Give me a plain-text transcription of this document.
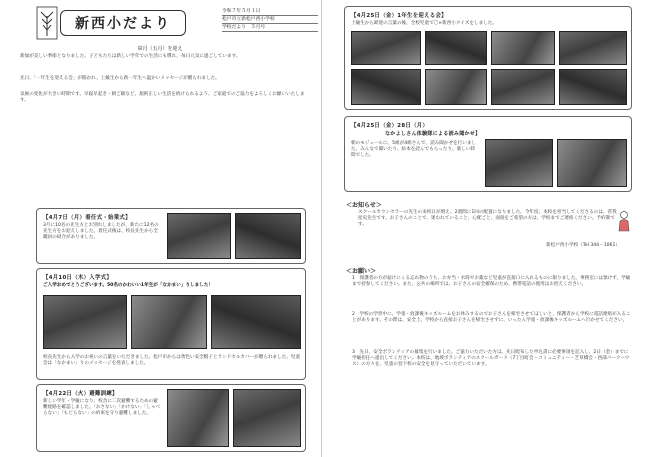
新西小だより
令和７年５月１日
松戸市立新松戸西小学校
学校だより　５月号
皐月（五月）を迎え
新緑が美しい季節となりました。子どもたちは新しい学年での生活にも慣れ、毎日元気に過ごしています。
先日、「一年生を迎える会」が開かれ、上級生から新一年生へ温かいメッセージが贈られました。
気候の変化が大きい時期です。早寝早起き・朝ご飯など、規則正しい生活を続けられるよう、ご家庭でのご協力をよろしくお願いいたします。
【4月7日（月）着任式・始業式】
3月に10名の先生方とお別れしましたが、新たに12名の先生方をお迎えしました。着任式後は、校長先生から全職員の紹介がありました。
【4月10日（木）入学式】
ご入学おめでとうございます。50名のかわいい1年生が「なかまい」りしました！
校長先生から入学のお祝いの言葉をいただきました。松戸市からは黄色い安全帽子とランドセルカバーが贈られました。児童会は「なかまい」りのメッセージを発表しました。
【4月22日（火）避難訓練】
新しい学年・学級になり、校舎に二次避難するための避難経路を確認しました。「おさない」「かけない」「しゃべらない」「もどらない」の約束を守り避難しました。
【4月25日（金）1年生を迎える会】
上級生から歓迎の言葉の後、全校児童で〇×新西小クイズをしました。
【4月25日（金）28日（月）
なかよしさん体験隊による読み聞かせ】
朝のモジュールに、5組が4組さんで、読み聞かせを行いました。みんなで聞いたり、絵本を読んでもらったり、楽しい時間でした。
＜お知らせ＞
スクールカウンセラーの先生の来校日が増え、2週間に1回の配置になりました。今年度、本校を担当してくださるのは、菅我屋史先生です。お子さんのことで、迷われていること、心配ごと、面接をご希望の方は、学校までご連絡ください。予約制です。
新松戸西小学校（Tel 344－1061）
＜お願い＞
1　保護者の方が届けにくる忘れ物のうち、お弁当・水筒やお薬など児童が直接口に入れるものに限りました。事務室には預けず、学級まで持参してください。また、公共の場所では、お子さんの安全確保のため、携帯電話の使用はお控えください。
2　学校の学習中に、学童・放課後キッズルームをお休みするのでお子さんを帰宅させてほしいと、保護者から学校に電話連絡が入ることがあります。その際は、安全上、学校から直接お子さんを帰宅させずに、いったん学童・放課後キッズルームへ行かせてください。
3　先日、安全ボランティアの募集を行いました。ご協力いただいた方は、先日配布した申込書に必要事項を記入し、2日（金）までに学級担任へ提出してください。本校は、地域ボランティアのスクールガード（7丁目町会・コミュニティー・芝草橋会・西部パークハウス）の方々を、児童の登下校の安全を見守っていただいています。
